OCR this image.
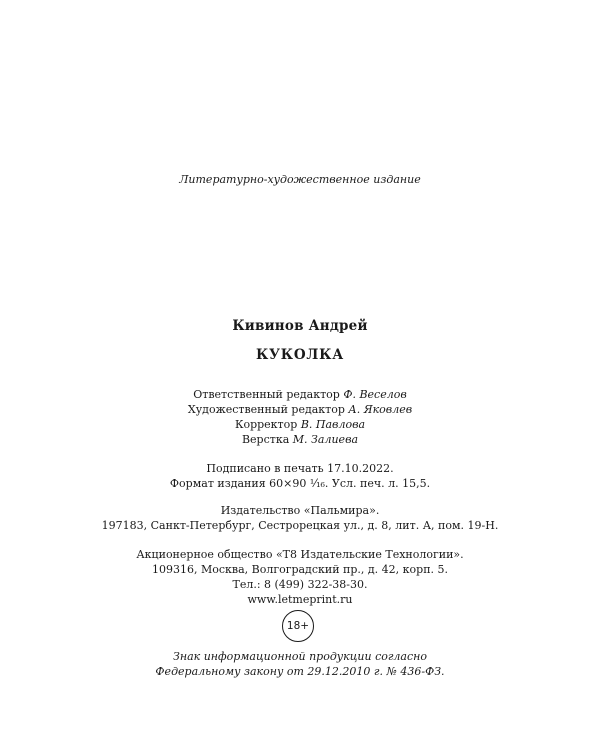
Литературно-художественное издание
Кивинов Андрей
КУКОЛКА
Ответственный редактор Ф. Веселов
Художественный редактор А. Яковлев
Корректор В. Павлова
Верстка М. Залиева
Подписано в печать 17.10.2022.
Формат издания 60×90 ¹⁄₁₆. Усл. печ. л. 15,5.
Издательство «Пальмира».
197183, Санкт-Петербург, Сестрорецкая ул., д. 8, лит. А, пом. 19-Н.
Акционерное общество «Т8 Издательские Технологии».
109316, Москва, Волгоградский пр., д. 42, корп. 5.
Тел.: 8 (499) 322-38-30.
www.letmeprint.ru
18+
Знак информационной продукции согласно
Федеральному закону от 29.12.2010 г. № 436-ФЗ.
